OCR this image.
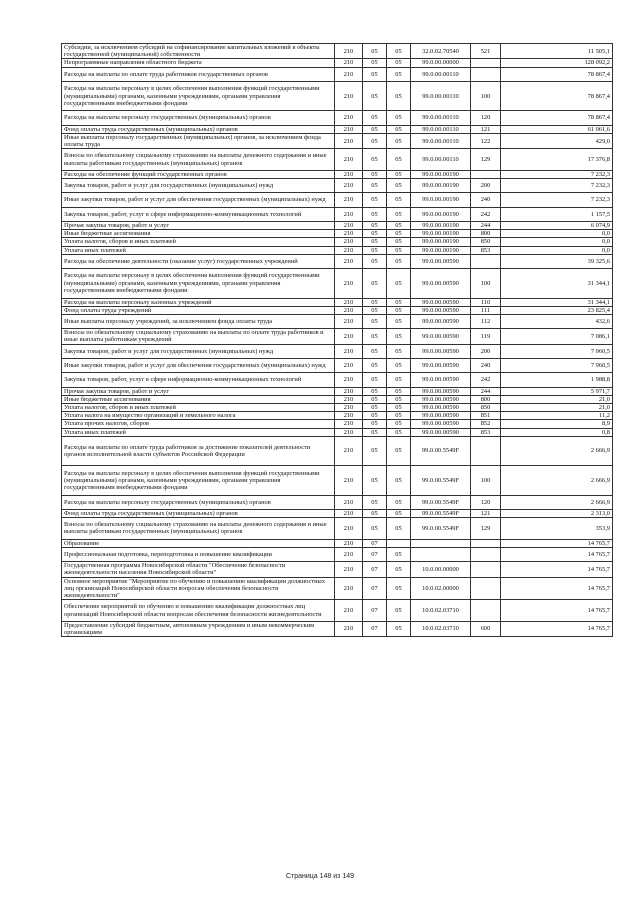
Субсидии, за исключением субсидий на софинансирование капитальных вложений в объекты государственной (муниципальной) собственности	210	05	05	32.0.02.70540	521	11 505,1
Непрограммные направления областного бюджета	210	05	05	99.0.00.00000		128 092,2
Расходы на выплаты по оплате труда работников государственных органов	210	05	05	99.0.00.00110		78 867,4
Расходы на выплаты персоналу в целях обеспечения выполнения функций государственными (муниципальными) органами, казенными учреждениями, органами управления государственными внебюджетными фондами	210	05	05	99.0.00.00110	100	78 867,4
Расходы на выплаты персоналу государственных (муниципальных) органов	210	05	05	99.0.00.00110	120	78 867,4
Фонд оплаты труда государственных (муниципальных) органов	210	05	05	99.0.00.00110	121	61 061,6
Иные выплаты персоналу государственных (муниципальных) органов, за исключением фонда оплаты труда	210	05	05	99.0.00.00110	122	429,0
Взносы по обязательному социальному страхованию на выплаты денежного содержания и иные выплаты работникам государственных (муниципальных) органов	210	05	05	99.0.00.00110	129	17 376,8
Расходы на обеспечение функций государственных органов	210	05	05	99.0.00.00190		7 232,3
Закупка товаров, работ и услуг для государственных (муниципальных) нужд	210	05	05	99.0.00.00190	200	7 232,3
Иные закупки товаров, работ и услуг для обеспечения государственных (муниципальных) нужд	210	05	05	99.0.00.00190	240	7 232,3
Закупка товаров, работ, услуг в сфере информационно-коммуникационных технологий	210	05	05	99.0.00.00190	242	1 157,5
Прочая закупка товаров, работ и услуг	210	05	05	99.0.00.00190	244	6 074,9
Иные бюджетные ассигнования	210	05	05	99.0.00.00190	800	0,0
Уплата налогов, сборов и иных платежей	210	05	05	99.0.00.00190	850	0,0
Уплата иных платежей	210	05	05	99.0.00.00190	853	0,0
Расходы на обеспечение деятельности (оказание услуг) государственных учреждений	210	05	05	99.0.00.00590		39 325,6
Расходы на выплаты персоналу в целях обеспечения выполнения функций государственными (муниципальными) органами, казенными учреждениями, органами управления государственными внебюджетными фондами	210	05	05	99.0.00.00590	100	31 344,1
Расходы на выплаты персоналу казенных учреждений	210	05	05	99.0.00.00590	110	31 344,1
Фонд оплаты труда учреждений	210	05	05	99.0.00.00590	111	23 825,4
Иные выплаты персоналу учреждений, за исключением фонда оплаты труда	210	05	05	99.0.00.00590	112	432,6
Взносы по обязательному социальному страхованию на выплаты по оплате труда работников и иные выплаты работникам учреждений	210	05	05	99.0.00.00590	119	7 086,1
Закупка товаров, работ и услуг для государственных (муниципальных) нужд	210	05	05	99.0.00.00590	200	7 960,5
Иные закупки товаров, работ и услуг для обеспечения государственных (муниципальных) нужд	210	05	05	99.0.00.00590	240	7 960,5
Закупка товаров, работ, услуг в сфере информационно-коммуникационных технологий	210	05	05	99.0.00.00590	242	1 988,8
Прочая закупка товаров, работ и услуг	210	05	05	99.0.00.00590	244	5 971,7
Иные бюджетные ассигнования	210	05	05	99.0.00.00590	800	21,0
Уплата налогов, сборов и иных платежей	210	05	05	99.0.00.00590	850	21,0
Уплата налога на имущество организаций и земельного налога	210	05	05	99.0.00.00590	851	11,2
Уплата прочих налогов, сборов	210	05	05	99.0.00.00590	852	8,9
Уплата иных платежей	210	05	05	99.0.00.00590	853	0,8
Расходы на выплаты по оплате труда работников за достижение показателей деятельности органов исполнительной власти субъектов Российской Федерации	210	05	05	99.0.00.5549F		2 666,9
Расходы на выплаты персоналу в целях обеспечения выполнения функций государственными (муниципальными) органами, казенными учреждениями, органами управления государственными внебюджетными фондами	210	05	05	99.0.00.5549F	100	2 666,9
Расходы на выплаты персоналу государственных (муниципальных) органов	210	05	05	99.0.00.5549F	120	2 666,9
Фонд оплаты труда государственных (муниципальных) органов	210	05	05	99.0.00.5549F	121	2 313,0
Взносы по обязательному социальному страхованию на выплаты денежного содержания и иные выплаты работникам государственных (муниципальных) органов	210	05	05	99.0.00.5549F	129	353,9
Образование	210	07				14 765,7
Профессиональная подготовка, переподготовка и повышение квалификации	210	07	05			14 765,7
Государственная программа Новосибирской области "Обеспечение безопасности жизнедеятельности населения Новосибирской области"	210	07	05	10.0.00.00000		14 765,7
Основное мероприятие "Мероприятие по обучению и повышению квалификации должностных лиц организаций Новосибирской области вопросам обеспечения безопасности жизнедеятельности"	210	07	05	10.0.02.00000		14 765,7
Обеспечение мероприятий по обучению и повышению квалификации должностных лиц организаций Новосибирской области вопросам обеспечения безопасности жизнедеятельности	210	07	05	10.0.02.03710		14 765,7
Предоставление субсидий бюджетным, автономным учреждениям и иным некоммерческим организациям	210	07	05	10.0.02.03710	600	14 765,7
Страница 148 из 149
